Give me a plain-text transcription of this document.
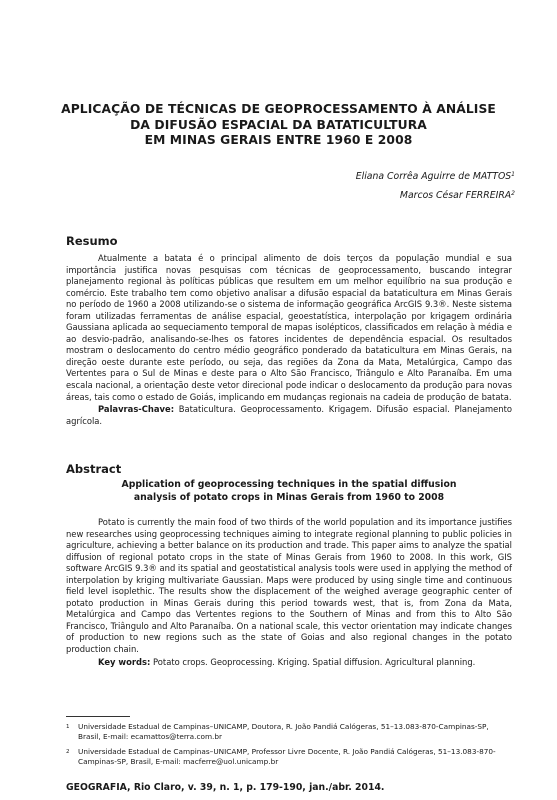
APLICAÇÃO DE TÉCNICAS DE GEOPROCESSAMENTO À ANÁLISE
DA DIFUSÃO ESPACIAL DA BATATICULTURA
EM MINAS GERAIS ENTRE 1960 E 2008
Eliana Corrêa Aguirre de MATTOS$^1$
Marcos César FERREIRA$^2$
Resumo

Atualmente a batata é o principal alimento de dois terços da população mundial e sua importância justifica novas pesquisas com técnicas de geoprocessamento, buscando integrar planejamento regional às políticas públicas que resultem em um melhor equilíbrio na sua produção e comércio. Este trabalho tem como objetivo analisar a difusão espacial da bataticultura em Minas Gerais no período de 1960 a 2008 utilizando-se o sistema de informação geográfica ArcGIS 9.3®. Neste sistema foram utilizadas ferramentas de análise espacial, geoestatística, interpolação por krigagem ordinária Gaussiana aplicada ao sequeciamento temporal de mapas isolépticos, classificados em relação à média e ao desvio-padrão, analisando-se-lhes os fatores incidentes de dependência espacial. Os resultados mostram o deslocamento do centro médio geográfico ponderado da bataticultura em Minas Gerais, na direção oeste durante este período, ou seja, das regiões da Zona da Mata, Metalúrgica, Campo das Vertentes para o Sul de Minas e deste para o Alto São Francisco, Triângulo e Alto Paranaíba. Em uma escala nacional, a orientação deste vetor direcional pode indicar o deslocamento da produção para novas áreas, tais como o estado de Goiás, implicando em mudanças regionais na cadeia de produção de batata.

Palavras-Chave: Bataticultura. Geoprocessamento. Krigagem. Difusão espacial. Planejamento agrícola.

Abstract
Application of geoprocessing techniques in the spatial diffusion
analysis of potato crops in Minas Gerais from 1960 to 2008

Potato is currently the main food of two thirds of the world population and its importance justifies new researches using geoprocessing techniques aiming to integrate regional planning to public policies in agriculture, achieving a better balance on its production and trade. This paper aims to analyze the spatial diffusion of regional potato crops in the state of Minas Gerais from 1960 to 2008. In this work, GIS software ArcGIS 9.3® and its spatial and geostatistical analysis tools were used in applying the method of interpolation by kriging multivariate Gaussian. Maps were produced by using single time and continuous field level isoplethic. The results show the displacement of the weighed average geographic center of potato production in Minas Gerais during this period towards west, that is, from Zona da Mata, Metalúrgica and Campo das Vertentes regions to the Southern of Minas and from this to Alto São Francisco, Triângulo and Alto Paranaíba. On a national scale, this vector orientation may indicate changes of production to new regions such as the state of Goias and also regional changes in the potato production chain.

Key words: Potato crops. Geoprocessing. Kriging. Spatial diffusion. Agricultural planning.

1	Universidade Estadual de Campinas–UNICAMP, Doutora, R. João Pandiá Calógeras, 51–13.083-870-Campinas-SP, Brasil, E-mail: ecamattos@terra.com.br
2	Universidade Estadual de Campinas–UNICAMP, Professor Livre Docente, R. João Pandiá Calógeras, 51–13.083-870-Campinas-SP, Brasil, E-mail: macferre@uol.unicamp.br
GEOGRAFIA, Rio Claro, v. 39, n. 1, p. 179-190, jan./abr. 2014.
